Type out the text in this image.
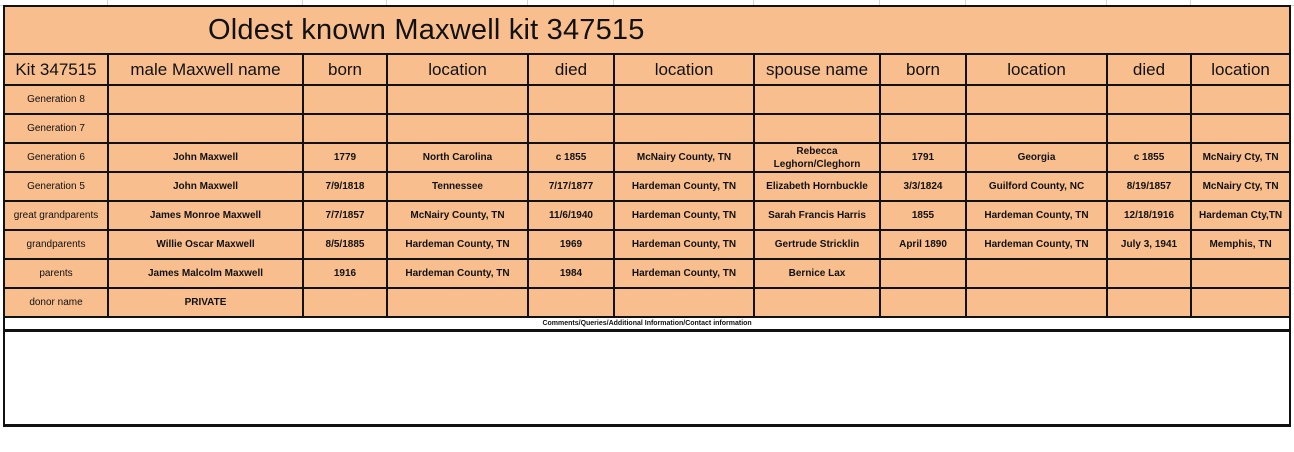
Oldest known Maxwell kit 347515										
Kit 347515	male Maxwell name	born	location	died	location	spouse name	born	location	died	location
Generation 8										
Generation 7										
Generation 6	John Maxwell	1779	North Carolina	c 1855	McNairy County, TN	Rebecca Leghorn/Cleghorn	1791	Georgia	c 1855	McNairy Cty, TN
Generation 5	John Maxwell	7/9/1818	Tennessee	7/17/1877	Hardeman County, TN	Elizabeth Hornbuckle	3/3/1824	Guilford County, NC	8/19/1857	McNairy Cty, TN
great grandparents	James Monroe Maxwell	7/7/1857	McNairy County, TN	11/6/1940	Hardeman County, TN	Sarah Francis Harris	1855	Hardeman County, TN	12/18/1916	Hardeman Cty,TN
grandparents	Willie Oscar Maxwell	8/5/1885	Hardeman County, TN	1969	Hardeman County, TN	Gertrude Stricklin	April 1890	Hardeman County, TN	July 3, 1941	Memphis, TN
parents	James Malcolm Maxwell	1916	Hardeman County, TN	1984	Hardeman County, TN	Bernice Lax				
donor name	PRIVATE									
Comments/Queries/Additional Information/Contact information										
